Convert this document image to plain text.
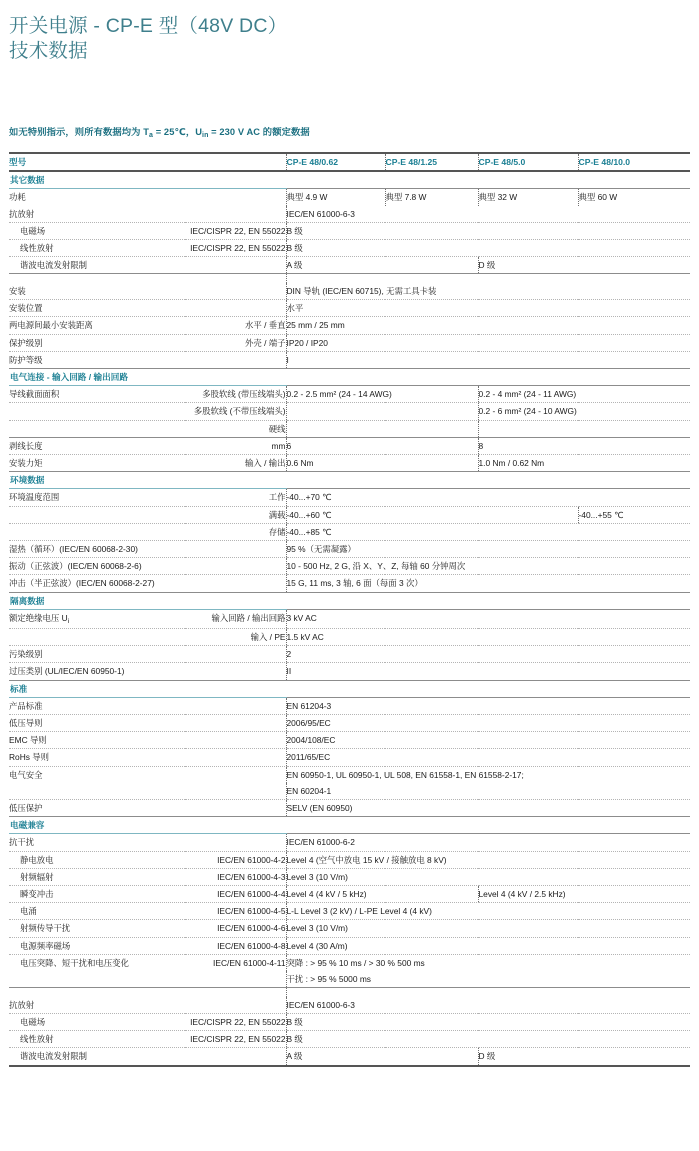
开关电源 - CP-E 型（48V DC）
技术数据
如无特别指示，则所有数据均为 $T_a$ = 25℃，$U_{in} = 230$ V AC 的额定数据
型号		CP-E 48/0.62	CP-E 48/1.25	CP-E 48/5.0	CP-E 48/10.0
其它数据					
功耗		典型 4.9 W	典型 7.8 W	典型 32 W	典型 60 W
抗放射		IEC/EN 61000-6-3			
电磁场	IEC/CISPR 22, EN 55022	B 级			
线性放射	IEC/CISPR 22, EN 55022	B 级			
谐波电流发射限制		A 级		D 级	

安装		DIN 导轨 (IEC/EN 60715), 无需工具卡装			
安装位置		水平			
两电源间最小安装距离	水平 / 垂直	25 mm / 25 mm			
保护级别	外壳 / 端子	IP20 / IP20			
防护等级		I			
电气连接 - 输入回路 / 输出回路					
导线截面面积	多股软线 (带压线端头)	0.2 - 2.5 mm² (24 - 14 AWG)		0.2 - 4 mm² (24 - 11 AWG)	
	多股软线 (不带压线端头)			0.2 - 6 mm² (24 - 10 AWG)	
	硬线				
剥线长度	mm	6		8	
安装力矩	输入 / 输出	0.6 Nm		1.0 Nm / 0.62 Nm	
环境数据					
环境温度范围	工作	-40...+70 ℃			
	满载	-40...+60 ℃			-40...+55 ℃
	存储	-40...+85 ℃			
湿热（循环）(IEC/EN 60068-2-30)		95 %（无需凝露）			
振动（正弦波）(IEC/EN 60068-2-6)		10 - 500 Hz, 2 G, 沿 X、Y、Z, 每轴 60 分钟周次			
冲击（半正弦波）(IEC/EN 60068-2-27)		15 G, 11 ms, 3 轴, 6 面（每面 3 次）			
隔离数据					
额定绝缘电压 $U_i$	输入回路 / 输出回路	3 kV AC			
	输入 / PE	1.5 kV AC			
污染级别		2			
过压类别 (UL/IEC/EN 60950-1)		II			
标准					
产品标准		EN 61204-3			
低压导则		2006/95/EC			
EMC 导则		2004/108/EC			
RoHs 导则		2011/65/EC			
电气安全		EN 60950-1, UL 60950-1, UL 508, EN 61558-1, EN 61558-2-17;			
		EN 60204-1			
低压保护		SELV (EN 60950)			
电磁兼容					
抗干扰		IEC/EN 61000-6-2			
静电放电	IEC/EN 61000-4-2	Level 4 (空气中放电 15 kV / 接触放电 8 kV)			
射频辐射	IEC/EN 61000-4-3	Level 3 (10 V/m)			
瞬变冲击	IEC/EN 61000-4-4	Level 4 (4 kV / 5 kHz)		Level 4 (4 kV / 2.5 kHz)	
电涌	IEC/EN 61000-4-5	L-L Level 3 (2 kV) / L-PE Level 4 (4 kV)			
射频传导干扰	IEC/EN 61000-4-6	Level 3 (10 V/m)			
电源频率磁场	IEC/EN 61000-4-8	Level 4 (30 A/m)			
电压突降、短干扰和电压变化	IEC/EN 61000-4-11	突降 : > 95 % 10 ms / > 30 % 500 ms			
		干扰 : > 95 % 5000 ms			

抗放射		IEC/EN 61000-6-3			
电磁场	IEC/CISPR 22, EN 55022	B 级			
线性放射	IEC/CISPR 22, EN 55022	B 级			
谐波电流发射限制		A 级		D 级	
